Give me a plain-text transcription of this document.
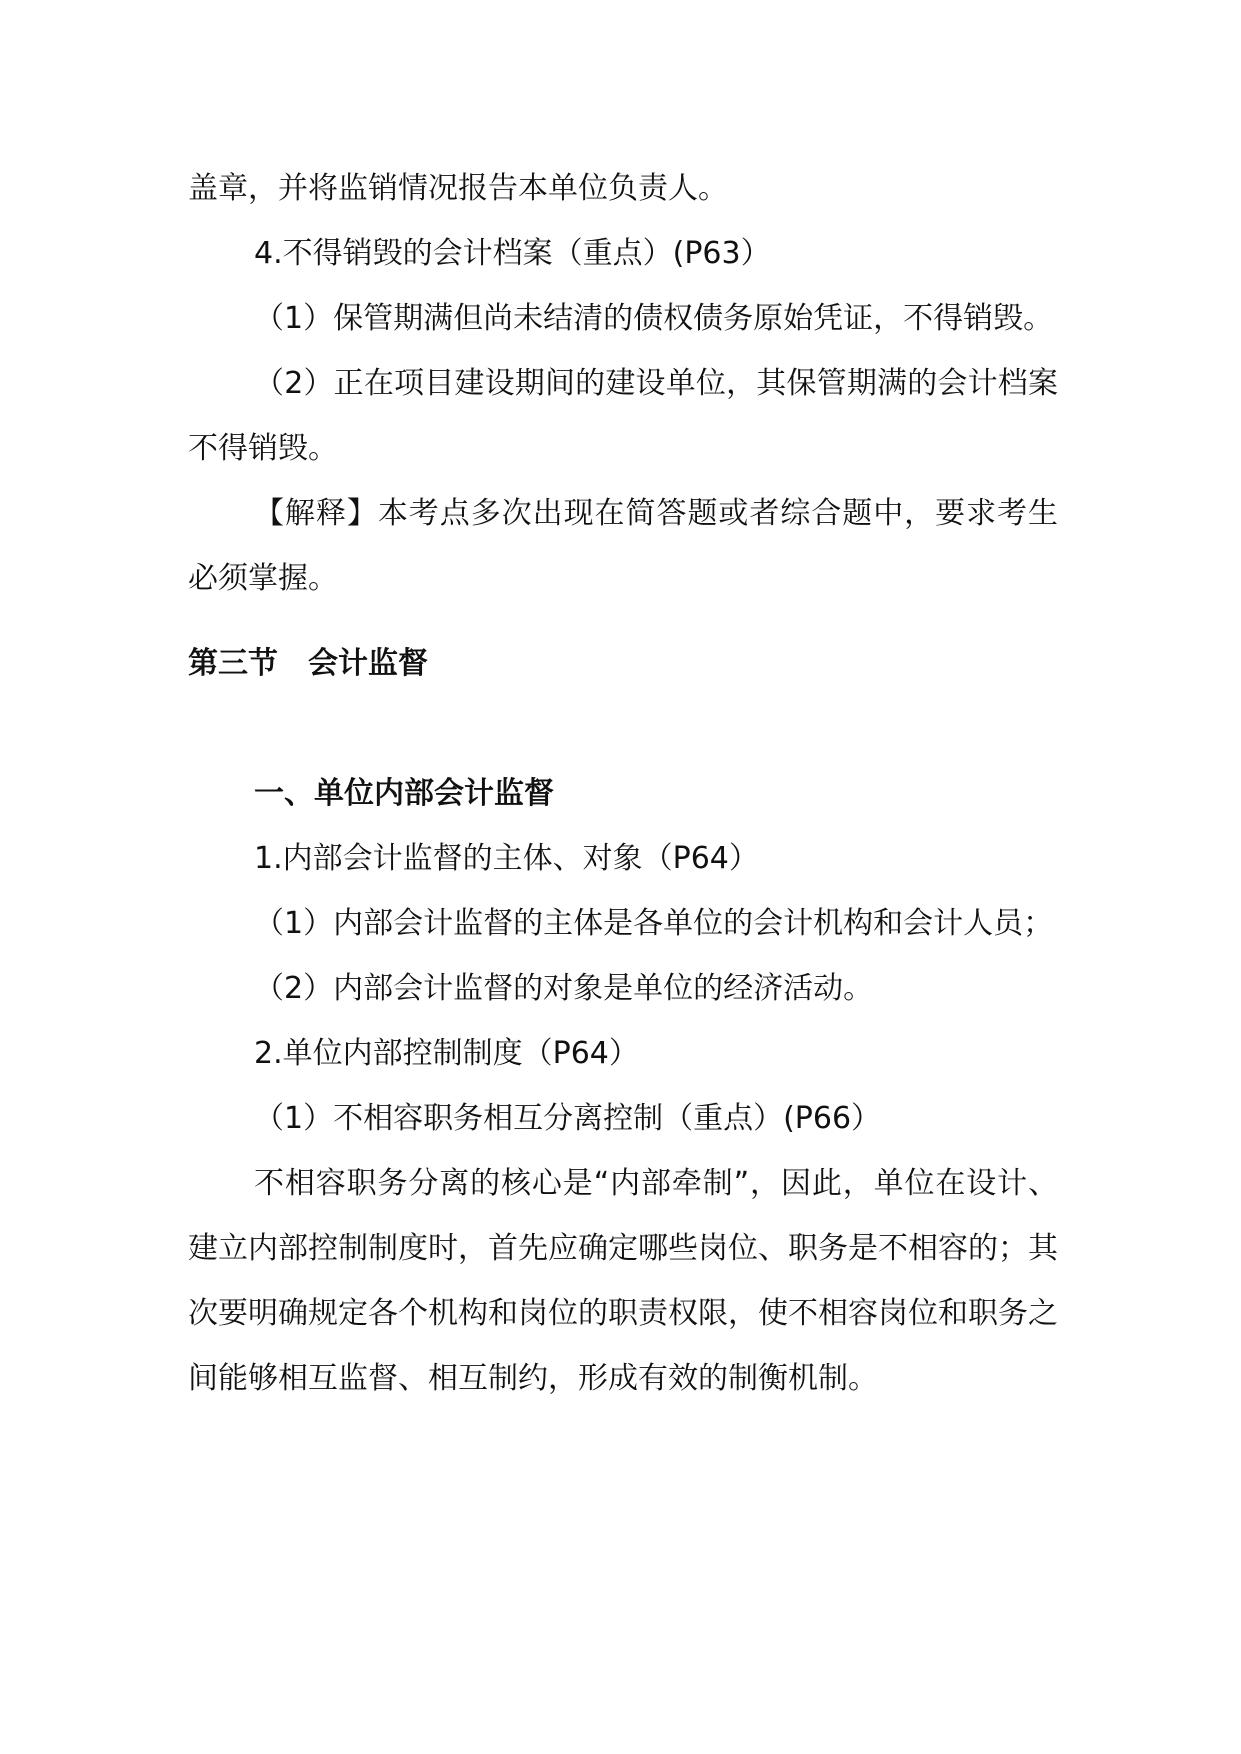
盖章，并将监销情况报告本单位负责人。

4.不得销毁的会计档案（重点）(P63）

（1）保管期满但尚未结清的债权债务原始凭证，不得销毁。

（2）正在项目建设期间的建设单位，其保管期满的会计档案不得销毁。

【解释】本考点多次出现在简答题或者综合题中，要求考生必须掌握。

第三节　会计监督

一、单位内部会计监督

1.内部会计监督的主体、对象（P64）

（1）内部会计监督的主体是各单位的会计机构和会计人员；

（2）内部会计监督的对象是单位的经济活动。

2.单位内部控制制度（P64）

（1）不相容职务相互分离控制（重点）(P66）

不相容职务分离的核心是“内部牵制”，因此，单位在设计、建立内部控制制度时，首先应确定哪些岗位、职务是不相容的；其次要明确规定各个机构和岗位的职责权限，使不相容岗位和职务之间能够相互监督、相互制约，形成有效的制衡机制。
